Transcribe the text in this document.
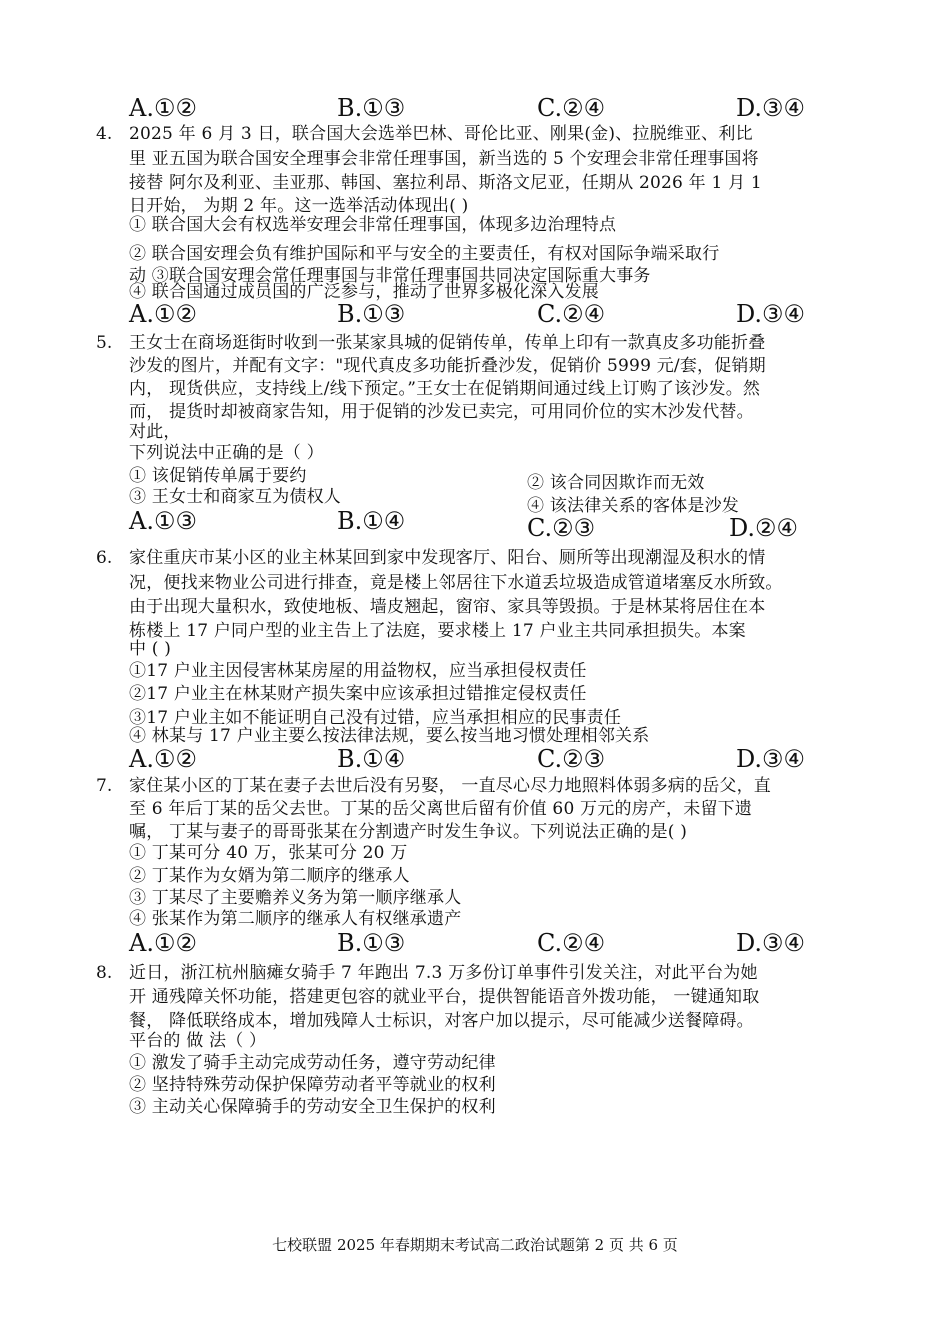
A.①②	B.①③	C.②④	D.③④
4. 2025 年 6 月 3 日，联合国大会选举巴林、哥伦比亚、刚果(金)、拉脱维亚、利比
里 亚五国为联合国安全理事会非常任理事国，新当选的 5 个安理会非常任理事国将
接替 阿尔及利亚、圭亚那、韩国、塞拉利昂、斯洛文尼亚，任期从 2026 年 1 月 1
日开始， 为期 2 年。这一选举活动体现出( )
① 联合国大会有权选举安理会非常任理事国，体现多边治理特点
② 联合国安理会负有维护国际和平与安全的主要责任，有权对国际争端采取行
动 ③联合国安理会常任理事国与非常任理事国共同决定国际重大事务
④ 联合国通过成员国的广泛参与，推动了世界多极化深入发展
A.①②	B.①③	C.②④	D.③④
5. 王女士在商场逛街时收到一张某家具城的促销传单，传单上印有一款真皮多功能折叠
沙发的图片，并配有文字："现代真皮多功能折叠沙发，促销价 5999 元/套，促销期
内， 现货供应，支持线上/线下预定。”王女士在促销期间通过线上订购了该沙发。然
而， 提货时却被商家告知，用于促销的沙发已卖完，可用同价位的实木沙发代替。
对此，
下列说法中正确的是（ ）
① 该促销传单属于要约	② 该合同因欺诈而无效
③ 王女士和商家互为债权人	④ 该法律关系的客体是沙发
A.①③	B.①④	C.②③	D.②④
6. 家住重庆市某小区的业主林某回到家中发现客厅、阳台、厕所等出现潮湿及积水的情
况，便找来物业公司进行排查，竟是楼上邻居往下水道丢垃圾造成管道堵塞反水所致。
由于出现大量积水，致使地板、墙皮翘起，窗帘、家具等毁损。于是林某将居住在本
栋楼上 17 户同户型的业主告上了法庭，要求楼上 17 户业主共同承担损失。本案
中 ( )
①17 户业主因侵害林某房屋的用益物权，应当承担侵权责任
②17 户业主在林某财产损失案中应该承担过错推定侵权责任
③17 户业主如不能证明自己没有过错，应当承担相应的民事责任
④ 林某与 17 户业主要么按法律法规，要么按当地习惯处理相邻关系
A.①②	B.①④	C.②③	D.③④
7. 家住某小区的丁某在妻子去世后没有另娶， 一直尽心尽力地照料体弱多病的岳父，直
至 6 年后丁某的岳父去世。丁某的岳父离世后留有价值 60 万元的房产，未留下遗
嘱， 丁某与妻子的哥哥张某在分割遗产时发生争议。下列说法正确的是( )
① 丁某可分 40 万，张某可分 20 万
② 丁某作为女婿为第二顺序的继承人
③ 丁某尽了主要赡养义务为第一顺序继承人
④ 张某作为第二顺序的继承人有权继承遗产
A.①②	B.①③	C.②④	D.③④
8. 近日，浙江杭州脑瘫女骑手 7 年跑出 7.3 万多份订单事件引发关注，对此平台为她
开 通残障关怀功能，搭建更包容的就业平台，提供智能语音外拨功能， 一键通知取
餐， 降低联络成本，增加残障人士标识，对客户加以提示，尽可能减少送餐障碍。
平台的 做 法（ ）
① 激发了骑手主动完成劳动任务，遵守劳动纪律
② 坚持特殊劳动保护保障劳动者平等就业的权利
③ 主动关心保障骑手的劳动安全卫生保护的权利
七校联盟 2025 年春期期末考试高二政治试题第 2 页 共 6 页
